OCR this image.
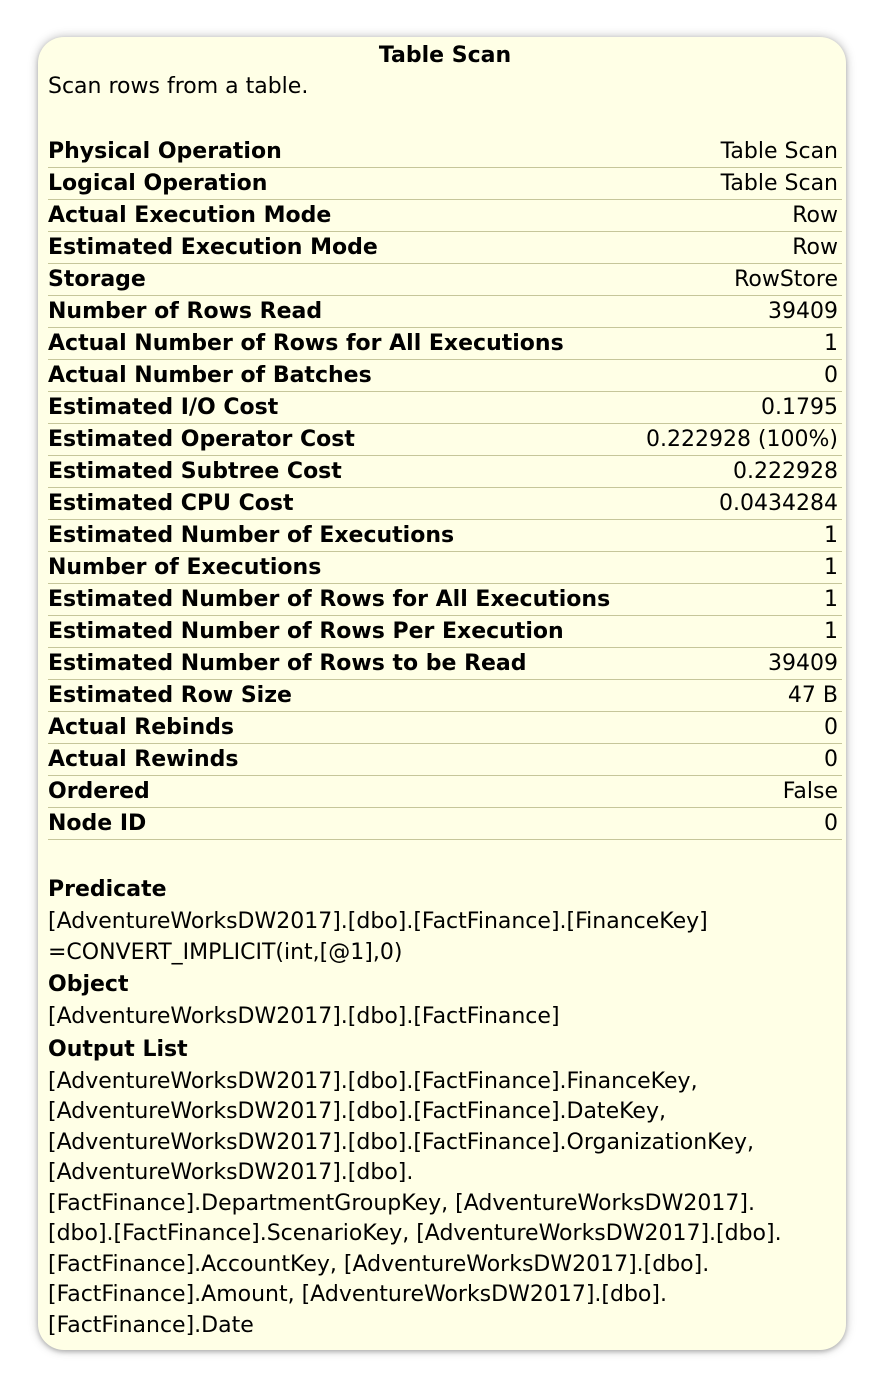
Table Scan
Scan rows from a table.
Physical Operation	Table Scan
Logical Operation	Table Scan
Actual Execution Mode	Row
Estimated Execution Mode	Row
Storage	RowStore
Number of Rows Read	39409
Actual Number of Rows for All Executions	1
Actual Number of Batches	0
Estimated I/O Cost	0.1795
Estimated Operator Cost	0.222928 (100%)
Estimated Subtree Cost	0.222928
Estimated CPU Cost	0.0434284
Estimated Number of Executions	1
Number of Executions	1
Estimated Number of Rows for All Executions	1
Estimated Number of Rows Per Execution	1
Estimated Number of Rows to be Read	39409
Estimated Row Size	47 B
Actual Rebinds	0
Actual Rewinds	0
Ordered	False
Node ID	0
Predicate
[AdventureWorksDW2017].[dbo].[FactFinance].[FinanceKey]
=CONVERT_IMPLICIT(int,[@1],0)
Object
[AdventureWorksDW2017].[dbo].[FactFinance]
Output List
[AdventureWorksDW2017].[dbo].[FactFinance].FinanceKey,
[AdventureWorksDW2017].[dbo].[FactFinance].DateKey,
[AdventureWorksDW2017].[dbo].[FactFinance].OrganizationKey,
[AdventureWorksDW2017].[dbo].
[FactFinance].DepartmentGroupKey, [AdventureWorksDW2017].
[dbo].[FactFinance].ScenarioKey, [AdventureWorksDW2017].[dbo].
[FactFinance].AccountKey, [AdventureWorksDW2017].[dbo].
[FactFinance].Amount, [AdventureWorksDW2017].[dbo].
[FactFinance].Date
